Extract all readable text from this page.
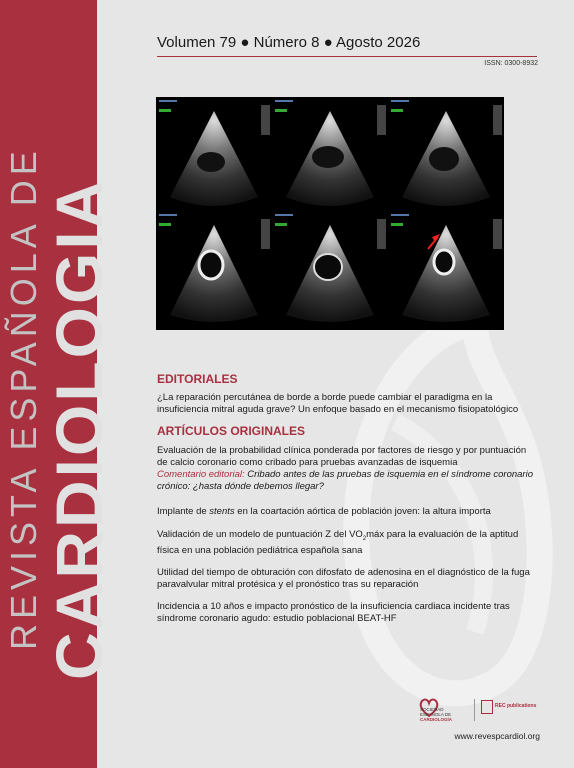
REVISTA ESPAÑOLA DE
CARDIOLOGIA
Volumen 79 ● Número 8 ● Agosto 2026
ISSN: 0300-8932

EDITORIALES

¿La reparación percutánea de borde a borde puede cambiar el paradigma en la insuficiencia mitral aguda grave? Un enfoque basado en el mecanismo fisiopatológico

ARTÍCULOS ORIGINALES

Evaluación de la probabilidad clínica ponderada por factores de riesgo y por puntuación de calcio coronario como cribado para pruebas avanzadas de isquemia

Comentario editorial: Cribado antes de las pruebas de isquemia en el síndrome coronario crónico: ¿hasta dónde debemos llegar?

Implante de stents en la coartación aórtica de población joven: la altura importa

Validación de un modelo de puntuación Z del $VO_2máx$ para la evaluación de la aptitud física en una población pediátrica española sana

Utilidad del tiempo de obturación con difosfato de adenosina en el diagnóstico de la fuga paravalvular mitral protésica y el pronóstico tras su reparación

Incidencia a 10 años e impacto pronóstico de la insuficiencia cardiaca incidente tras síndrome coronario agudo: estudio poblacional BEAT-HF

SOCIEDAD
ESPAÑOLA DE
CARDIOLOGÍA
REC publications
www.revespcardiol.org
